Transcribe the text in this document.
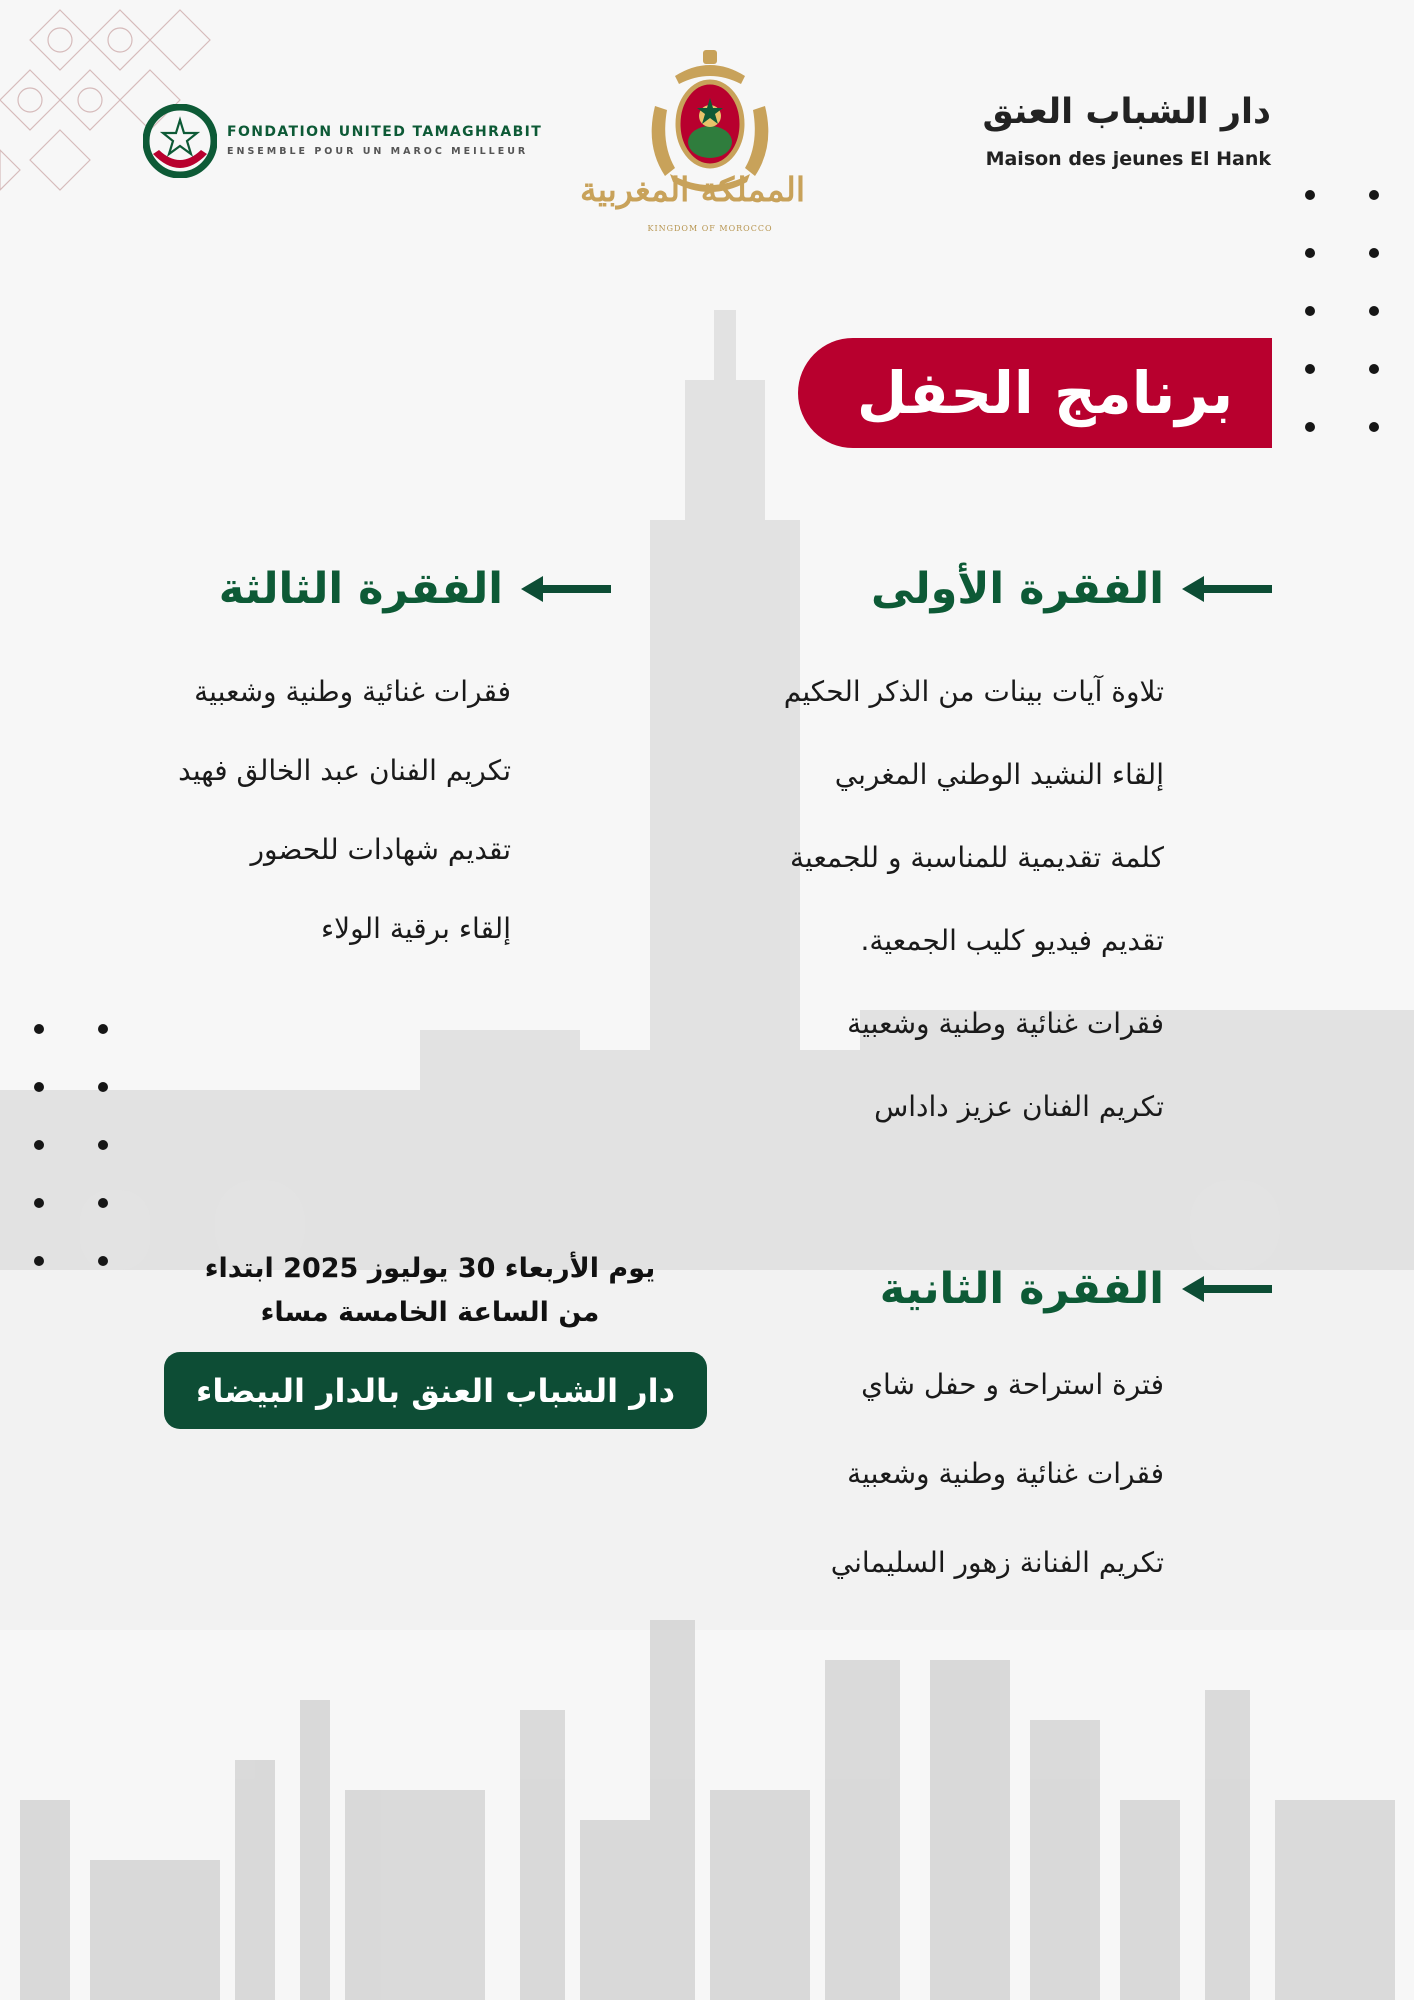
دار الشباب العنق
Maison des jeunes El Hank
FONDATION UNITED TAMAGHRABIT
ENSEMBLE POUR UN MAROC MEILLEUR
المملكة المغربية
KINGDOM OF MOROCCO
برنامج الحفل
الفقرة الأولى
تلاوة آيات بينات من الذكر الحكيم
إلقاء النشيد الوطني المغربي
كلمة تقديمية للمناسبة و للجمعية
تقديم فيديو كليب الجمعية.
فقرات غنائية وطنية وشعبية
تكريم الفنان عزيز داداس
الفقرة الثانية
فترة استراحة و حفل شاي
فقرات غنائية وطنية وشعبية
تكريم الفنانة زهور السليماني
الفقرة الثالثة
فقرات غنائية وطنية وشعبية
تكريم الفنان عبد الخالق فهيد
تقديم شهادات للحضور
إلقاء برقية الولاء
يوم الأربعاء 30 يوليوز 2025 ابتداء
من الساعة الخامسة مساء
دار الشباب العنق بالدار البيضاء
